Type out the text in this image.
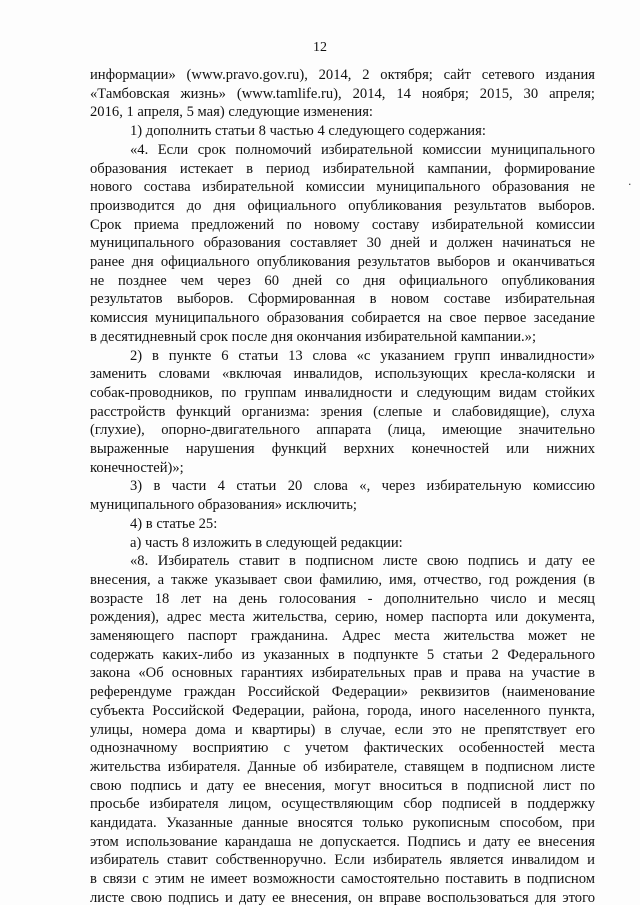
12
·
информации» (www.pravo.gov.ru), 2014, 2 октября; сайт сетевого издания
«Тамбовская жизнь» (www.tamlife.ru), 2014, 14 ноября; 2015, 30 апреля;
2016, 1 апреля, 5 мая) следующие изменения:
1) дополнить статьи 8 частью 4 следующего содержания:
«4. Если срок полномочий избирательной комиссии муниципального
образования истекает в период избирательной кампании, формирование
нового состава избирательной комиссии муниципального образования не
производится до дня официального опубликования результатов выборов.
Срок приема предложений по новому составу избирательной комиссии
муниципального образования составляет 30 дней и должен начинаться не
ранее дня официального опубликования результатов выборов и оканчиваться
не позднее чем через 60 дней со дня официального опубликования
результатов выборов. Сформированная в новом составе избирательная
комиссия муниципального образования собирается на свое первое заседание
в десятидневный срок после дня окончания избирательной кампании.»;
2) в пункте 6 статьи 13 слова «с указанием групп инвалидности»
заменить словами «включая инвалидов, использующих кресла-коляски и
собак-проводников, по группам инвалидности и следующим видам стойких
расстройств функций организма: зрения (слепые и слабовидящие), слуха
(глухие), опорно-двигательного аппарата (лица, имеющие значительно
выраженные нарушения функций верхних конечностей или нижних
конечностей)»;
3) в части 4 статьи 20 слова «, через избирательную комиссию
муниципального образования» исключить;
4) в статье 25:
а) часть 8 изложить в следующей редакции:
«8. Избиратель ставит в подписном листе свою подпись и дату ее
внесения, а также указывает свои фамилию, имя, отчество, год рождения (в
возрасте 18 лет на день голосования - дополнительно число и месяц
рождения), адрес места жительства, серию, номер паспорта или документа,
заменяющего паспорт гражданина. Адрес места жительства может не
содержать каких-либо из указанных в подпункте 5 статьи 2 Федерального
закона «Об основных гарантиях избирательных прав и права на участие в
референдуме граждан Российской Федерации» реквизитов (наименование
субъекта Российской Федерации, района, города, иного населенного пункта,
улицы, номера дома и квартиры) в случае, если это не препятствует его
однозначному восприятию с учетом фактических особенностей места
жительства избирателя. Данные об избирателе, ставящем в подписном листе
свою подпись и дату ее внесения, могут вноситься в подписной лист по
просьбе избирателя лицом, осуществляющим сбор подписей в поддержку
кандидата. Указанные данные вносятся только рукописным способом, при
этом использование карандаша не допускается. Подпись и дату ее внесения
избиратель ставит собственноручно. Если избиратель является инвалидом и
в связи с этим не имеет возможности самостоятельно поставить в подписном
листе свою подпись и дату ее внесения, он вправе воспользоваться для этого
